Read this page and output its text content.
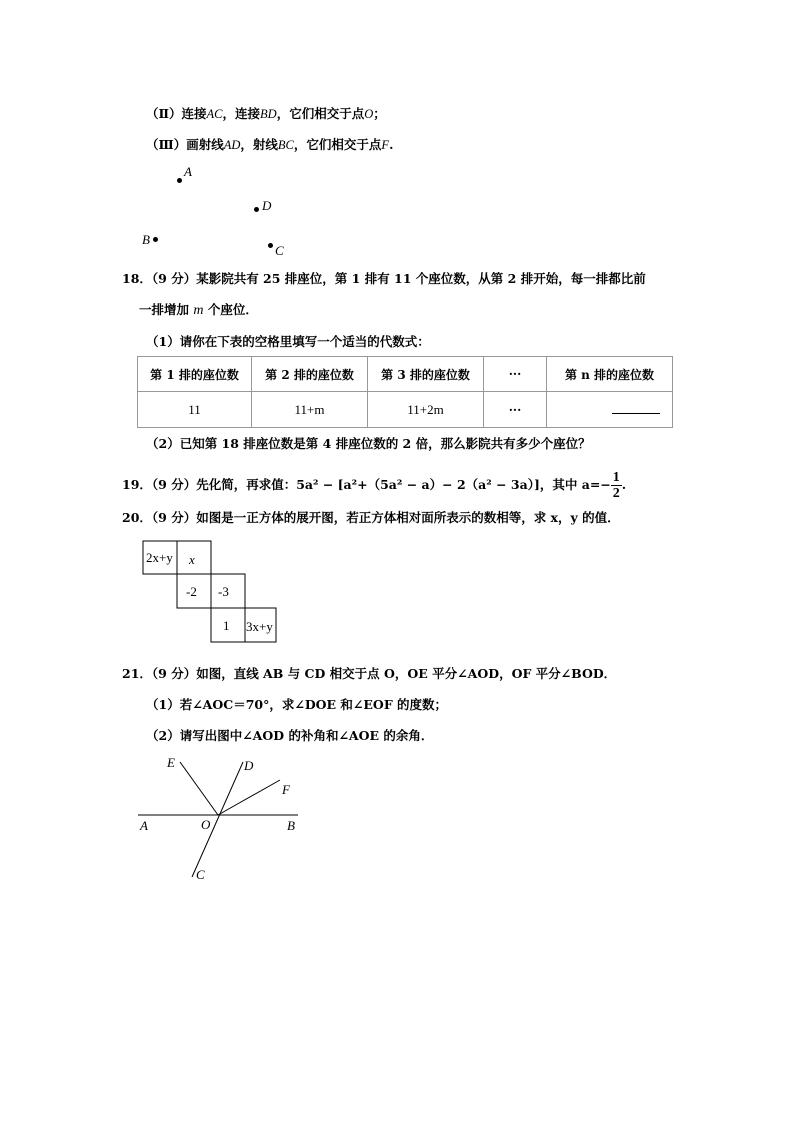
（Ⅱ）连接AC，连接BD，它们相交于点O；
（Ⅲ）画射线AD，射线BC，它们相交于点F.
A
D
B
C
18．（9 分）某影院共有 25 排座位，第 1 排有 11 个座位数，从第 2 排开始，每一排都比前
一排增加 m 个座位．
（1）请你在下表的空格里填写一个适当的代数式：
第 1 排的座位数	第 2 排的座位数	第 3 排的座位数	···	第 n 排的座位数
11	11+m	11+2m	···	
（2）已知第 18 排座位数是第 4 排座位数的 2 倍，那么影院共有多少个座位？
19．（9 分）先化简，再求值：5a² − [a²+（5a² − a）− 2（a² − 3a）]，其中 $a=- \frac{1}{2}$ .
20．（9 分）如图是一正方体的展开图，若正方体相对面所表示的数相等，求 x，y 的值．
2x+y x
-2 -3
1 3x+y
21．（9 分）如图，直线 AB 与 CD 相交于点 O，OE 平分∠AOD，OF 平分∠BOD．
（1）若∠AOC＝70°，求∠DOE 和∠EOF 的度数；
（2）请写出图中∠AOD 的补角和∠AOE 的余角．
A	B
C
D
E
F
O
